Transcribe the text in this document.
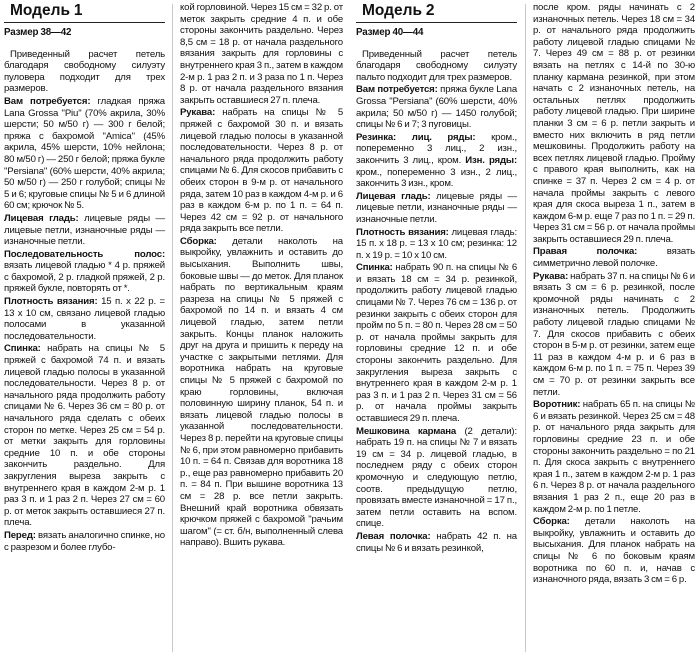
Модель 1

Размер 38—42

Приведенный расчет петель благодаря свободному силуэту пуловера подходит для трех размеров.

Вам потребуется: гладкая пряжа Lana Grossa "Piu" (70% акрила, 30% шерсти; 50 м/50 г) — 300 г белой; пряжа с бахромой "Amica" (45% акрила, 45% шерсти, 10% нейлона; 80 м/50 г) — 250 г белой; пряжа букле "Persiana" (60% шерсти, 40% акрила; 50 м/50 г) — 250 г голубой; спицы № 5 и 6; круговые спицы № 5 и 6 длиной 60 см; крючок № 5.

Лицевая гладь: лицевые ряды — лицевые петли, изнаночные ряды — изнаночные петли.

Последовательность полос: вязать лицевой гладью * 4 р. пряжей с бахромой, 2 р. гладкой пряжей, 2 р. пряжей букле, повторять от *.

Плотность вязания: 15 п. х 22 р. = 13 х 10 см, связано лицевой гладью полосами в указанной последовательности.

Спинка: набрать на спицы № 5 пряжей с бахромой 74 п. и вязать лицевой гладью полосы в указанной последовательности. Через 8 р. от начального ряда продолжить работу спицами № 6. Через 36 см = 80 р. от начального ряда сделать с обеих сторон по метке. Через 25 см = 54 р. от метки закрыть для горловины средние 10 п. и обе стороны закончить раздельно. Для закругления выреза закрыть с внутреннего края в каждом 2-м р. 1 раз 3 п. и 1 раз 2 п. Через 27 см = 60 р. от меток закрыть оставшиеся 27 п. плеча.

Перед: вязать аналогично спинке, но с разрезом и более глубо-

кой горловиной. Через 15 см = 32 р. от меток закрыть средние 4 п. и обе стороны закончить раздельно. Через 8,5 см = 18 р. от начала раздельного вязания закрыть для горловины с внутреннего края 3 п., затем в каждом 2-м р. 1 раз 2 п. и 3 раза по 1 п. Через 8 р. от начала раздельного вязания закрыть оставшиеся 27 п. плеча.

Рукава: набрать на спицы № 5 пряжей с бахромой 30 п. и вязать лицевой гладью полосы в указанной последовательности. Через 8 р. от начального ряда продолжить работу спицами № 6. Для скосов прибавить с обеих сторон в 9-м р. от начального ряда, затем 10 раз в каждом 4-м р. и 6 раз в каждом 6-м р. по 1 п. = 64 п. Через 42 см = 92 р. от начального ряда закрыть все петли.

Сборка: детали наколоть на выкройку, увлажнить и оставить до высыхания. Выполнить швы, боковые швы — до меток. Для планок набрать по вертикальным краям разреза на спицы № 5 пряжей с бахромой по 14 п. и вязать 4 см лицевой гладью, затем петли закрыть. Концы планок наложить друг на друга и пришить к переду на участке с закрытыми петлями. Для воротника набрать на круговые спицы № 5 пряжей с бахромой по краю горловины, включая половинную ширину планок, 54 п. и вязать лицевой гладью полосы в указанной последовательности. Через 8 р. перейти на круговые спицы № 6, при этом равномерно прибавить 10 п. = 64 п. Связав для воротника 18 р., еще раз равномерно прибавить 20 п. = 84 п. При вышине воротника 13 см = 28 р. все петли закрыть. Внешний край воротника обвязать крючком пряжей с бахромой "рачьим шагом" (= ст. б/н, выполненный слева направо). Вшить рукава.

Модель 2

Размер 40—44

Приведенный расчет петель благодаря свободному силуэту пальто подходит для трех размеров.

Вам потребуется: пряжа букле Lana Grossa "Persiana" (60% шерсти, 40% акрила; 50 м/50 г) — 1450 голубой; спицы № 6 и 7; 3 пуговицы.

Резинка: лиц. ряды: кром., попеременно 3 лиц., 2 изн., закончить 3 лиц., кром. Изн. ряды: кром., попеременно 3 изн., 2 лиц., закончить 3 изн., кром.

Лицевая гладь: лицевые ряды — лицевые петли, изнаночные ряды — изнаночные петли.

Плотность вязания: лицевая гладь: 15 п. х 18 р. = 13 х 10 см; резинка: 12 п. х 19 р. = 10 х 10 см.

Спинка: набрать 90 п. на спицы № 6 и вязать 18 см = 34 р. резинкой, продолжить работу лицевой гладью спицами № 7. Через 76 см = 136 р. от резинки закрыть с обеих сторон для пройм по 5 п. = 80 п. Через 28 см = 50 р. от начала проймы закрыть для горловины средние 12 п. и обе стороны закончить раздельно. Для закругления выреза закрыть с внутреннего края в каждом 2-м р. 1 раз 3 п. и 1 раз 2 п. Через 31 см = 56 р. от начала проймы закрыть оставшиеся 29 п. плеча.

Мешковина кармана (2 детали): набрать 19 п. на спицы № 7 и вязать 19 см = 34 р. лицевой гладью, в последнем ряду с обеих сторон кромочную и следующую петлю, соотв. предыдущую петлю, провязать вместе изнаночной = 17 п., затем петли оставить на вспом. спице.

Левая полочка: набрать 42 п. на спицы № 6 и вязать резинкой,

после кром. ряды начинать с 2 изнаночных петель. Через 18 см = 34 р. от начального ряда продолжить работу лицевой гладью спицами № 7. Через 49 см = 88 р. от резинки вязать на петлях с 14-й по 30-ю планку кармана резинкой, при этом начать с 2 изнаночных петель, на остальных петлях продолжить работу лицевой гладью. При ширине планки 3 см = 6 р. петли закрыть и вместо них включить в ряд петли мешковины. Продолжить работу на всех петлях лицевой гладью. Пройму с правого края выполнить, как на спинке = 37 п. Через 2 см = 4 р. от начала проймы закрыть с левого края для скоса выреза 1 п., затем в каждом 6-м р. еще 7 раз по 1 п. = 29 п. Через 31 см = 56 р. от начала проймы закрыть оставшиеся 29 п. плеча.

Правая полочка:	вязать симметрично левой полочке.

Рукава: набрать 37 п. на спицы № 6 и вязать 3 см = 6 р. резинкой, после кромочной ряды начинать с 2 изнаночных петель. Продолжить работу лицевой гладью спицами № 7. Для скосов прибавить с обеих сторон в 5-м р. от резинки, затем еще 11 раз в каждом 4-м р. и 6 раз в каждом 6-м р. по 1 п. = 75 п. Через 39 см = 70 р. от резинки закрыть все петли.

Воротник: набрать 65 п. на спицы № 6 и вязать резинкой. Через 25 см = 48 р. от начального ряда закрыть для горловины средние 23 п. и обе стороны закончить раздельно = по 21 п. Для скоса закрыть с внутреннего края 1 п., затем в каждом 2-м р. 1 раз 6 п. Через 8 р. от начала раздельного вязания 1 раз 2 п., еще 20 раз в каждом 2-м р. по 1 петле.

Сборка: детали наколоть на выкройку, увлажнить и оставить до высыхания. Для планок набрать на спицы № 6 по боковым краям воротника по 60 п. и, начав с изнаночного ряда, вязать 3 см = 6 р.
